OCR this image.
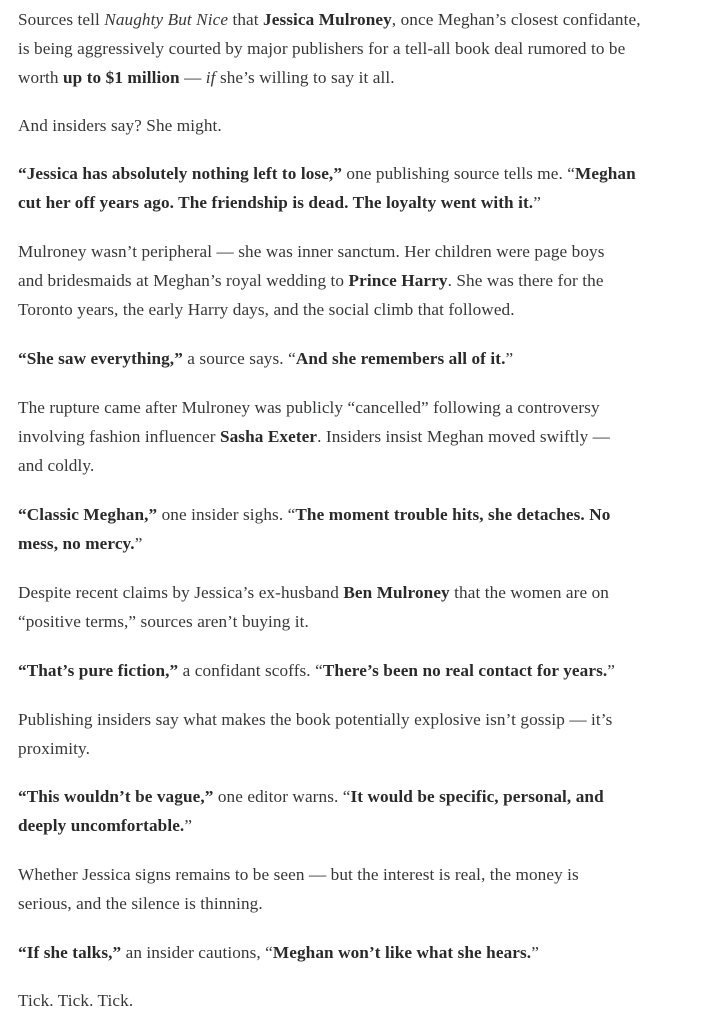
Sources tell Naughty But Nice that Jessica Mulroney, once Meghan’s closest confidante,
is being aggressively courted by major publishers for a tell-all book deal rumored to be
worth up to $1 million — if she’s willing to say it all.

And insiders say? She might.

“Jessica has absolutely nothing left to lose,” one publishing source tells me. “Meghan
cut her off years ago. The friendship is dead. The loyalty went with it.”

Mulroney wasn’t peripheral — she was inner sanctum. Her children were page boys
and bridesmaids at Meghan’s royal wedding to Prince Harry. She was there for the
Toronto years, the early Harry days, and the social climb that followed.

“She saw everything,” a source says. “And she remembers all of it.”

The rupture came after Mulroney was publicly “cancelled” following a controversy
involving fashion influencer Sasha Exeter. Insiders insist Meghan moved swiftly —
and coldly.

“Classic Meghan,” one insider sighs. “The moment trouble hits, she detaches. No
mess, no mercy.”

Despite recent claims by Jessica’s ex-husband Ben Mulroney that the women are on
“positive terms,” sources aren’t buying it.

“That’s pure fiction,” a confidant scoffs. “There’s been no real contact for years.”

Publishing insiders say what makes the book potentially explosive isn’t gossip — it’s
proximity.

“This wouldn’t be vague,” one editor warns. “It would be specific, personal, and
deeply uncomfortable.”

Whether Jessica signs remains to be seen — but the interest is real, the money is
serious, and the silence is thinning.

“If she talks,” an insider cautions, “Meghan won’t like what she hears.”

Tick. Tick. Tick.
